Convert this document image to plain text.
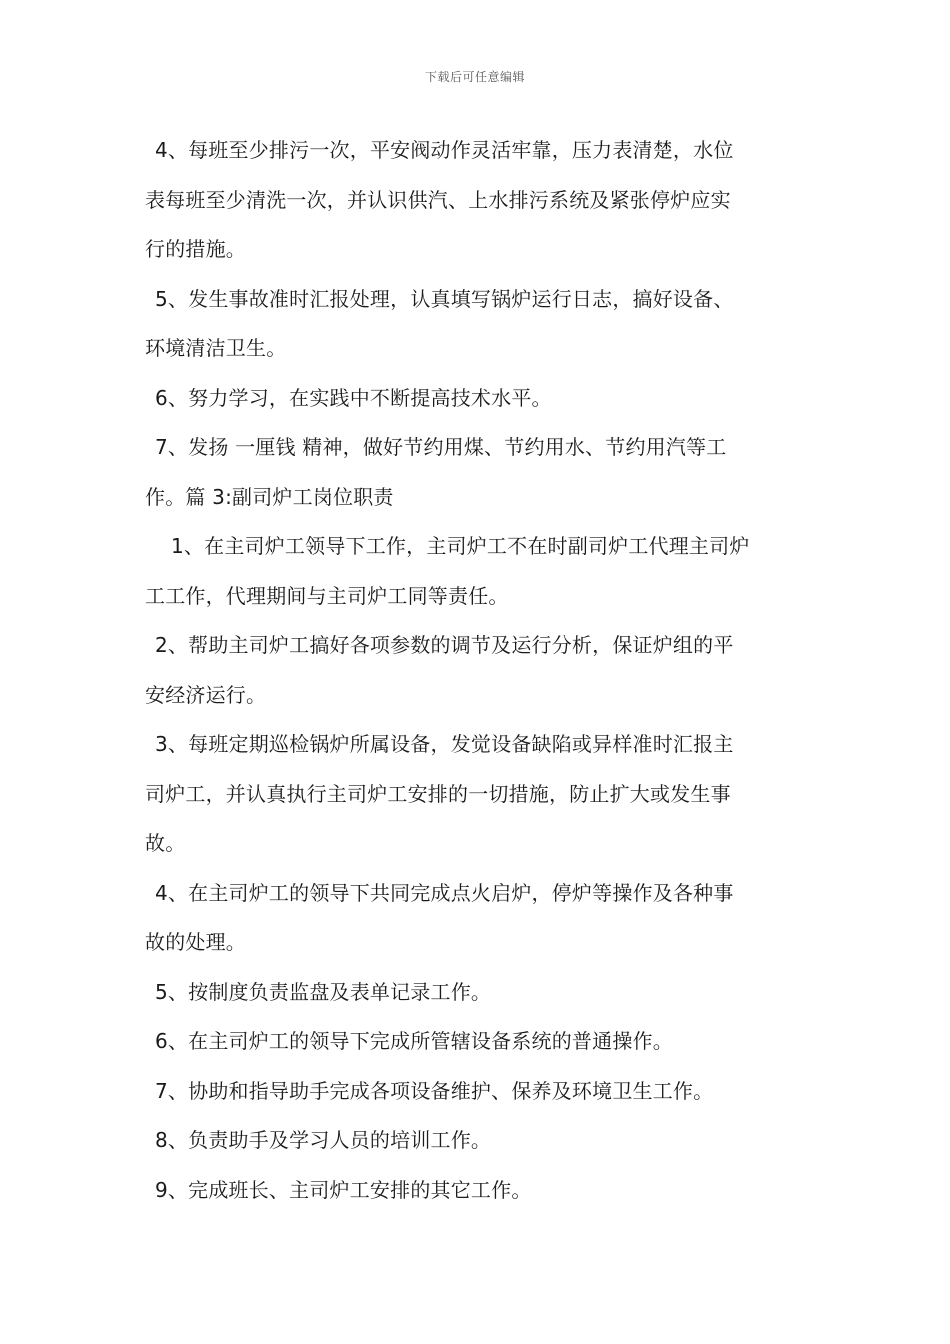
下载后可任意编辑
4、每班至少排污一次，平安阀动作灵活牢靠，压力表清楚，水位
表每班至少清洗一次，并认识供汽、上水排污系统及紧张停炉应实
行的措施。
5、发生事故准时汇报处理，认真填写锅炉运行日志，搞好设备、
环境清洁卫生。
6、努力学习，在实践中不断提高技术水平。
7、发扬 一厘钱 精神，做好节约用煤、节约用水、节约用汽等工
作。篇 3:副司炉工岗位职责
1、在主司炉工领导下工作，主司炉工不在时副司炉工代理主司炉
工工作，代理期间与主司炉工同等责任。
2、帮助主司炉工搞好各项参数的调节及运行分析，保证炉组的平
安经济运行。
3、每班定期巡检锅炉所属设备，发觉设备缺陷或异样准时汇报主
司炉工，并认真执行主司炉工安排的一切措施，防止扩大或发生事
故。
4、在主司炉工的领导下共同完成点火启炉，停炉等操作及各种事
故的处理。
5、按制度负责监盘及表单记录工作。
6、在主司炉工的领导下完成所管辖设备系统的普通操作。
7、协助和指导助手完成各项设备维护、保养及环境卫生工作。
8、负责助手及学习人员的培训工作。
9、完成班长、主司炉工安排的其它工作。
